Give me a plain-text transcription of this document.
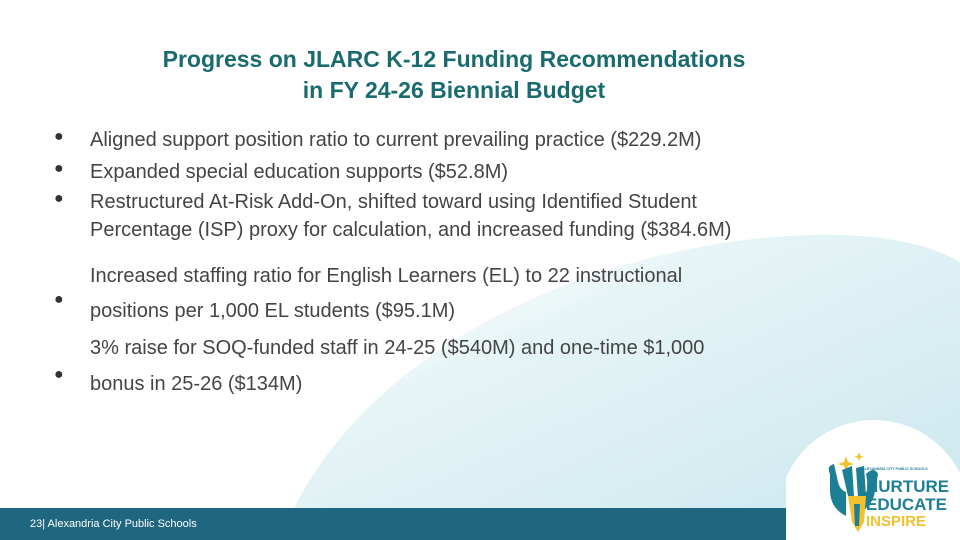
Progress on JLARC K-12 Funding Recommendations
in FY 24-26 Biennial Budget
● Aligned support position ratio to current prevailing practice ($229.2M)
● Expanded special education supports ($52.8M)
● Restructured At-Risk Add-On, shifted toward using Identified Student
Percentage (ISP) proxy for calculation, and increased funding ($384.6M)
●
Increased staffing ratio for English Learners (EL) to 22 instructional
positions per 1,000 EL students ($95.1M)
●
3% raise for SOQ-funded staff in 24-25 ($540M) and one-time $1,000
bonus in 25-26 ($134M)
23| Alexandria City Public Schools
ALEXANDRIA CITY PUBLIC SCHOOLS
NURTURE
EDUCATE
INSPIRE
